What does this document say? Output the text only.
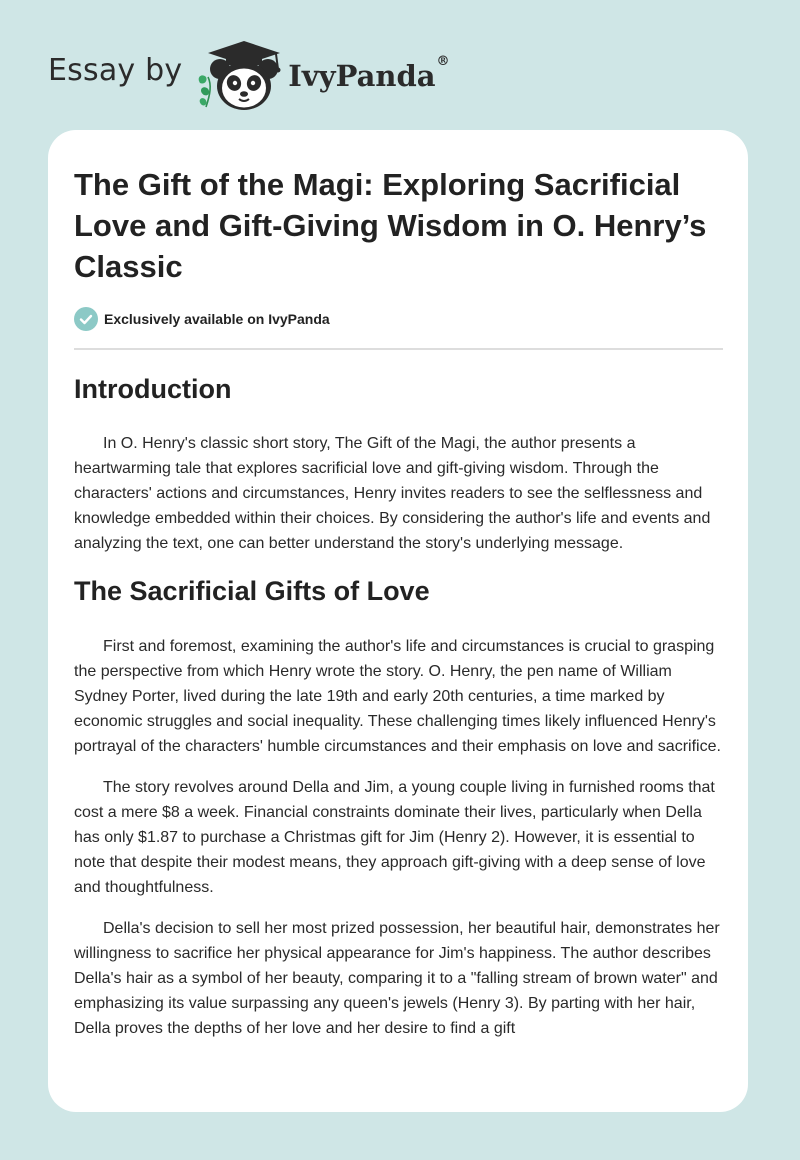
Essay by	IvyPanda®
The Gift of the Magi: Exploring Sacrificial Love and Gift-Giving Wisdom in O. Henry’s Classic
Exclusively available on IvyPanda
Introduction

In O. Henry's classic short story, The Gift of the Magi, the author presents a heartwarming tale that explores sacrificial love and gift-giving wisdom. Through the characters' actions and circumstances, Henry invites readers to see the selflessness and knowledge embedded within their choices. By considering the author's life and events and analyzing the text, one can better understand the story's underlying message.

The Sacrificial Gifts of Love

First and foremost, examining the author's life and circumstances is crucial to grasping the perspective from which Henry wrote the story. O. Henry, the pen name of William Sydney Porter, lived during the late 19th and early 20th centuries, a time marked by economic struggles and social inequality. These challenging times likely influenced Henry's portrayal of the characters' humble circumstances and their emphasis on love and sacrifice.

The story revolves around Della and Jim, a young couple living in furnished rooms that cost a mere $8 a week. Financial constraints dominate their lives, particularly when Della has only $1.87 to purchase a Christmas gift for Jim (Henry 2). However, it is essential to note that despite their modest means, they approach gift-giving with a deep sense of love and thoughtfulness.

Della's decision to sell her most prized possession, her beautiful hair, demonstrates her willingness to sacrifice her physical appearance for Jim's happiness. The author describes Della's hair as a symbol of her beauty, comparing it to a "falling stream of brown water" and emphasizing its value surpassing any queen's jewels (Henry 3). By parting with her hair, Della proves the depths of her love and her desire to find a gift
